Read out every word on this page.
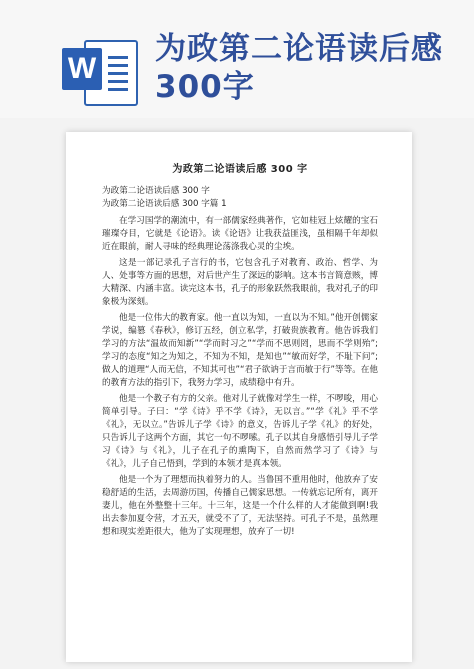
W
为政第二论语读后感300字
为政第二论语读后感 300 字

为政第二论语读后感 300 字

为政第二论语读后感 300 字篇 1

在学习国学的潮流中，有一部儒家经典著作，它如桂冠上炫耀的宝石璀璨夺目，它就是《论语》。读《论语》让我获益匪浅，虽相隔千年却似近在眼前，耐人寻味的经典理论荡涤我心灵的尘埃。

这是一部记录孔子言行的书，它包含孔子对教育、政治、哲学、为人、处事等方面的思想，对后世产生了深远的影响。这本书言简意赅，博大精深、内涵丰富。读完这本书，孔子的形象跃然我眼前，我对孔子的印象极为深刻。

他是一位伟大的教育家。他一直以为知，一直以为不知。”他开创儒家学说，编篡《春秋》，修订五经，创立私学，打破贵族教育。他告诉我们学习的方法“温故而知新”“学而时习之”“学而不思则罔，思而不学则殆”;学习的态度“知之为知之，不知为不知，是知也”“敏而好学，不耻下问”;做人的道理“人而无信，不知其可也”“君子欲讷于言而敏于行”等等。在他的教育方法的指引下，我努力学习，成绩稳中有升。

他是一个教子有方的父亲。他对儿子就像对学生一样，不啰唆，用心简单引导。子曰：“学《诗》乎不学《诗》，无以言。”“学《礼》乎不学《礼》，无以立。”告诉儿子学《诗》的意义，告诉儿子学《礼》的好处，只告诉儿子这两个方面，其它一句不啰嗦。孔子以其自身感悟引导儿子学习《诗》与《礼》，儿子在孔子的熏陶下，自然而然学习了《诗》与《礼》，儿子自己悟到，学到的本领才是真本领。

他是一个为了理想而执着努力的人。当鲁国不重用他时，他放弃了安稳舒适的生活，去周游历国，传播自己儒家思想。一传就忘记所有，离开妻儿，他在外整整十三年。十三年，这是一个什么样的人才能做到啊!我出去参加夏令营，才五天，就受不了了，无法坚持。可孔子不是，虽然理想和现实差距很大，他为了实现理想，放弃了一切!
